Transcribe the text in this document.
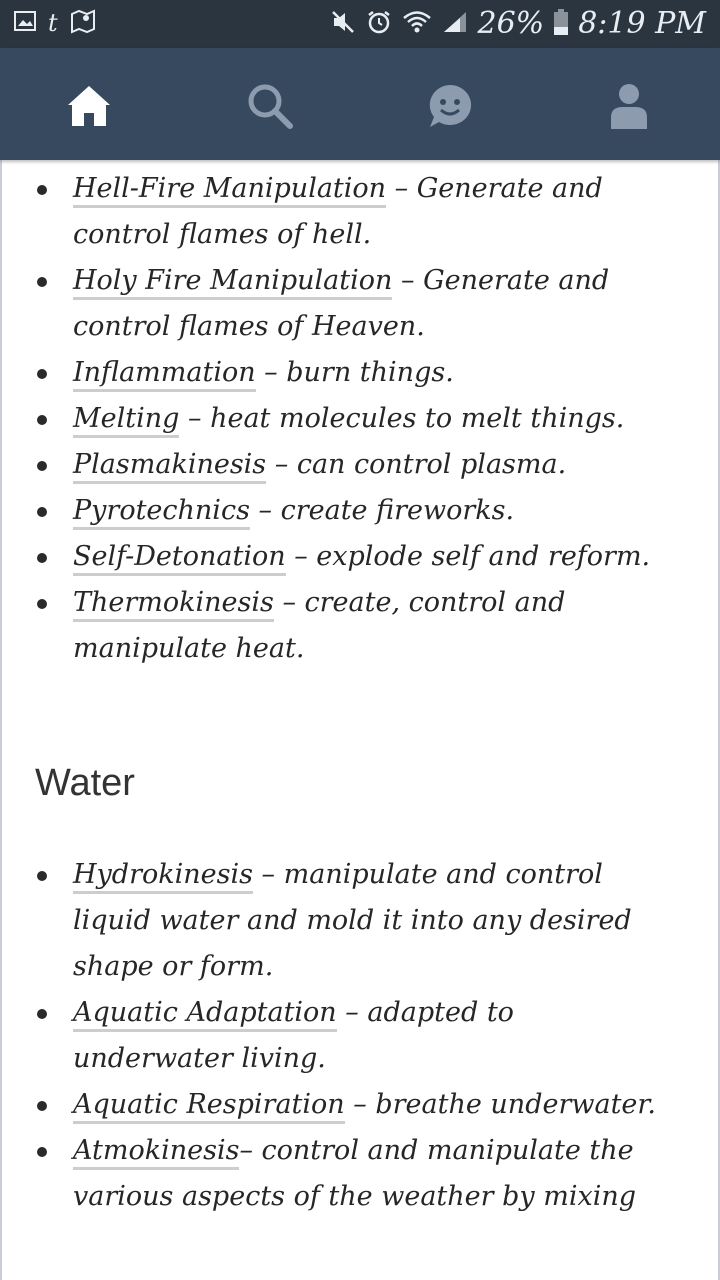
t	26% 8:19 PM
Hell-Fire Manipulation – Generate and control flames of hell.
Holy Fire Manipulation – Generate and control flames of Heaven.
Inflammation – burn things.
Melting – heat molecules to melt things.
Plasmakinesis – can control plasma.
Pyrotechnics – create fireworks.
Self-Detonation – explode self and reform.
Thermokinesis – create, control and manipulate heat.
Water
Hydrokinesis – manipulate and control liquid water and mold it into any desired shape or form.
Aquatic Adaptation – adapted to underwater living.
Aquatic Respiration – breathe underwater.
Atmokinesis– control and manipulate the various aspects of the weather by mixing
